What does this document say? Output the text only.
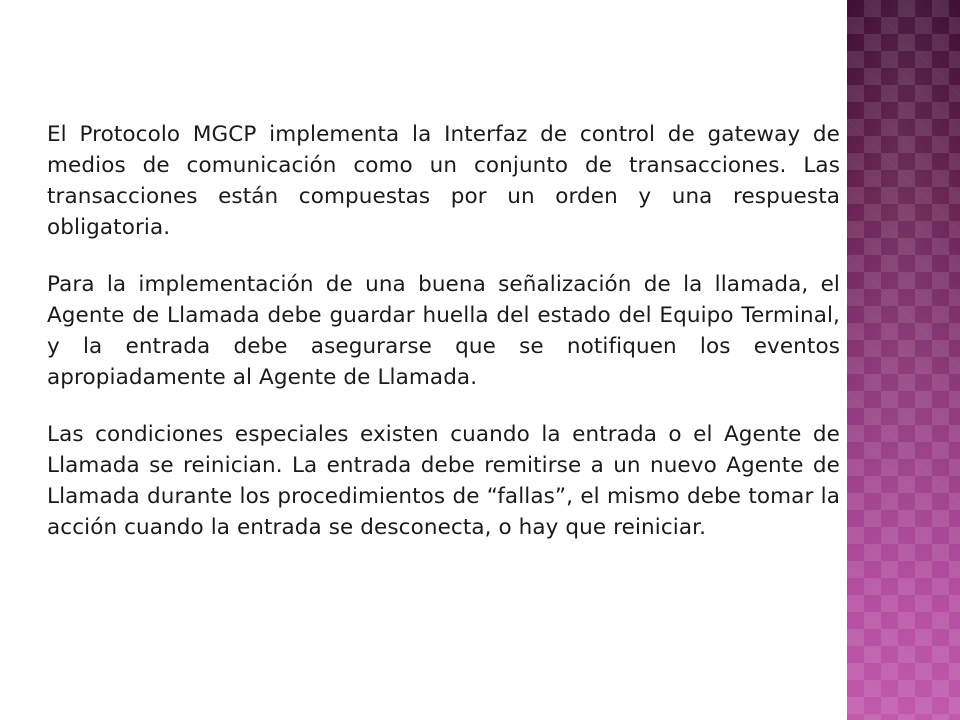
El Protocolo MGCP implementa la Interfaz de control de gateway de medios de comunicación como un conjunto de transacciones. Las transacciones están compuestas por un orden y una respuesta obligatoria.

Para la implementación de una buena señalización de la llamada, el Agente de Llamada debe guardar huella del estado del Equipo Terminal, y la entrada debe asegurarse que se notifiquen los eventos apropiadamente al Agente de Llamada.

Las condiciones especiales existen cuando la entrada o el Agente de Llamada se reinician. La entrada debe remitirse a un nuevo Agente de Llamada durante los procedimientos de “fallas”, el mismo debe tomar la acción cuando la entrada se desconecta, o hay que reiniciar.
